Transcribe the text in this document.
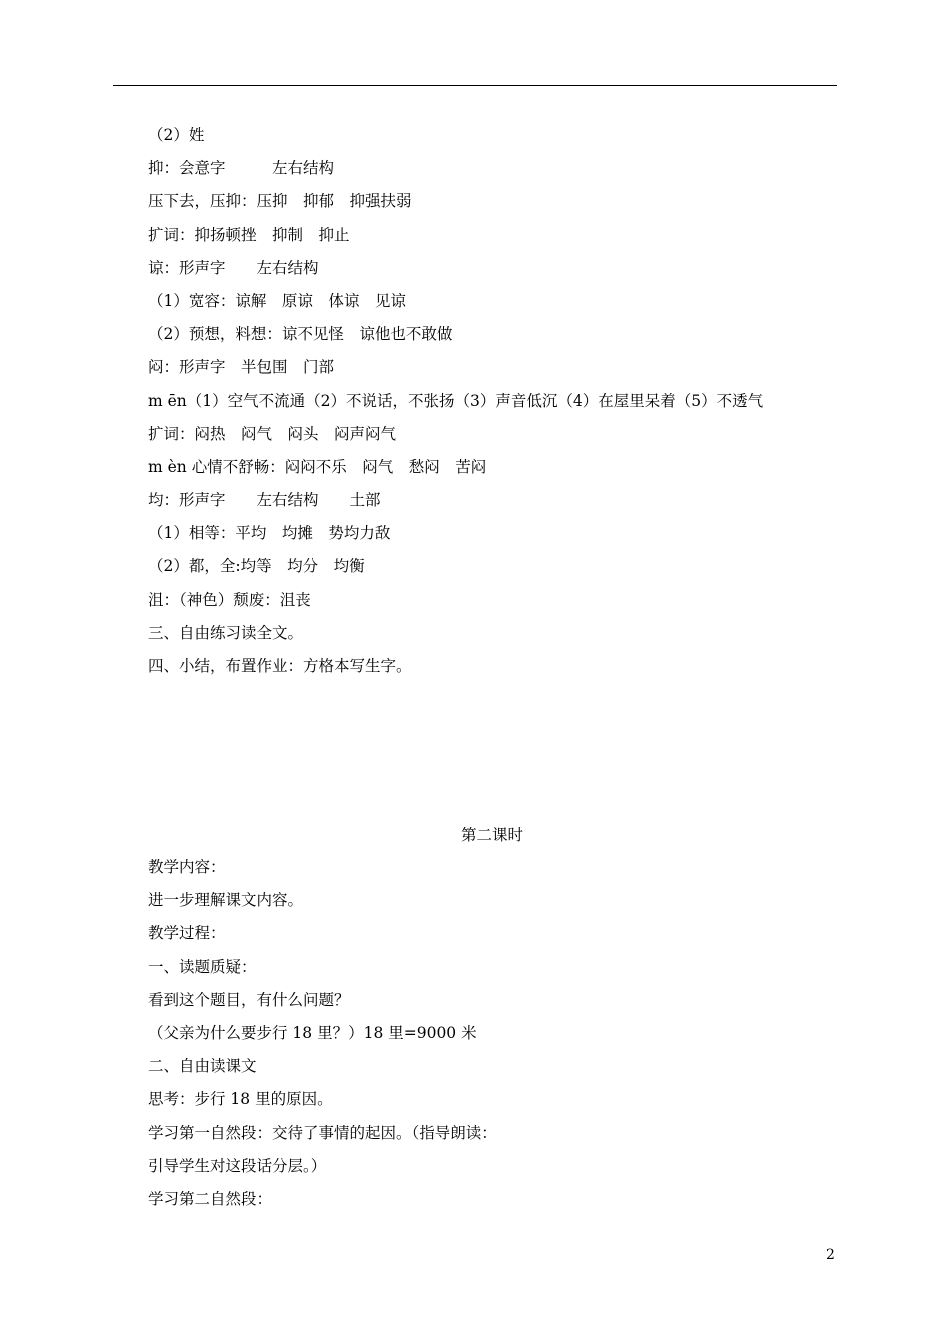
（2）姓
抑：会意字　　　左右结构
压下去，压抑：压抑　抑郁　抑强扶弱
扩词：抑扬顿挫　抑制　抑止
谅：形声字　　左右结构
（1）宽容：谅解　原谅　体谅　见谅
（2）预想，料想：谅不见怪　谅他也不敢做
闷：形声字　半包围　门部
m ēn（1）空气不流通（2）不说话，不张扬（3）声音低沉（4）在屋里呆着（5）不透气
扩词：闷热　闷气　闷头　闷声闷气
m èn 心情不舒畅：闷闷不乐　闷气　愁闷　苦闷
均：形声字　　左右结构　　土部
（1）相等：平均　均摊　势均力敌
（2）都，全:均等　均分　均衡
沮：（神色）颓废：沮丧
三、自由练习读全文。
四、小结，布置作业：方格本写生字。
第二课时
教学内容：
进一步理解课文内容。
教学过程：
一、读题质疑：
看到这个题目，有什么问题？
（父亲为什么要步行 18 里？）18 里=9000 米
二、自由读课文
思考：步行 18 里的原因。
学习第一自然段：交待了事情的起因。（指导朗读：
引导学生对这段话分层。）
学习第二自然段：
2
